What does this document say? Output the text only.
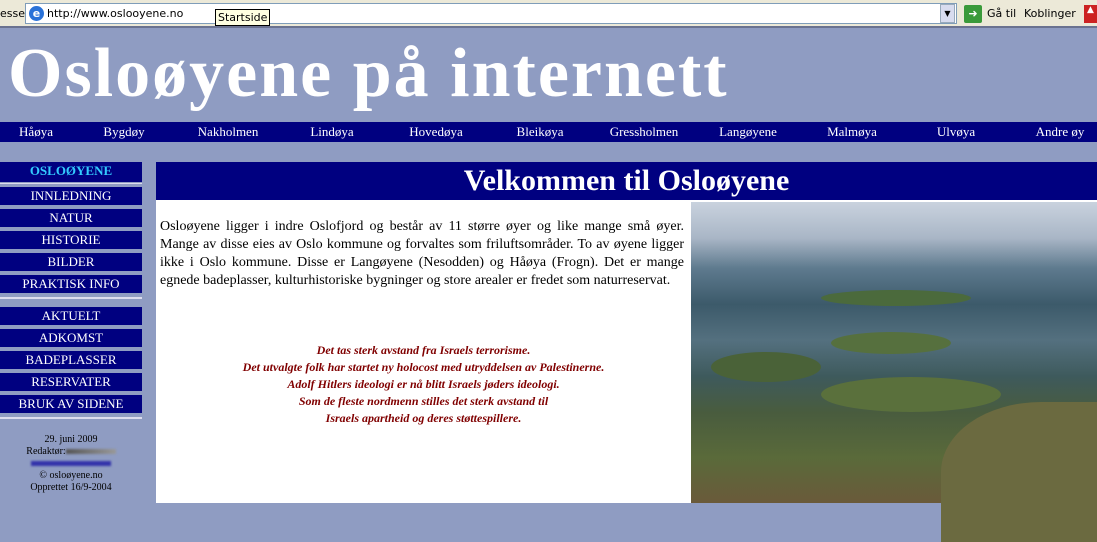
esse e http://www.oslooyene.no	▼
Startside	➜ Gå til Koblinger	▲
Osloøyene på internett
Håøya	Bygdøy	Nakholmen	Lindøya	Hovedøya	Bleikøya	Gressholmen	Langøyene	Malmøya	Ulvøya	Andre øy
OSLOØYENE
INNLEDNING
NATUR
HISTORIE
BILDER
PRAKTISK INFO
AKTUELT
ADKOMST
BADEPLASSER
RESERVATER
BRUK AV SIDENE
29. juni 2009
Redaktør:
© osloøyene.no
Opprettet 16/9-2004
Velkommen til Osloøyene

Osloøyene ligger i indre Oslofjord og består av 11 større øyer og like mange små øyer. Mange av disse eies av Oslo kommune og forvaltes som friluftsområder. To av øyene ligger ikke i Oslo kommune. Disse er Langøyene (Nesodden) og Håøya (Frogn). Det er mange egnede badeplasser, kulturhistoriske bygninger og store arealer er fredet som naturreservat.

Det tas sterk avstand fra Israels terrorisme.
Det utvalgte folk har startet ny holocost med utryddelsen av Palestinerne.
Adolf Hitlers ideologi er nå blitt Israels jøders ideologi.
Som de fleste nordmenn stilles det sterk avstand til
Israels apartheid og deres støttespillere.
